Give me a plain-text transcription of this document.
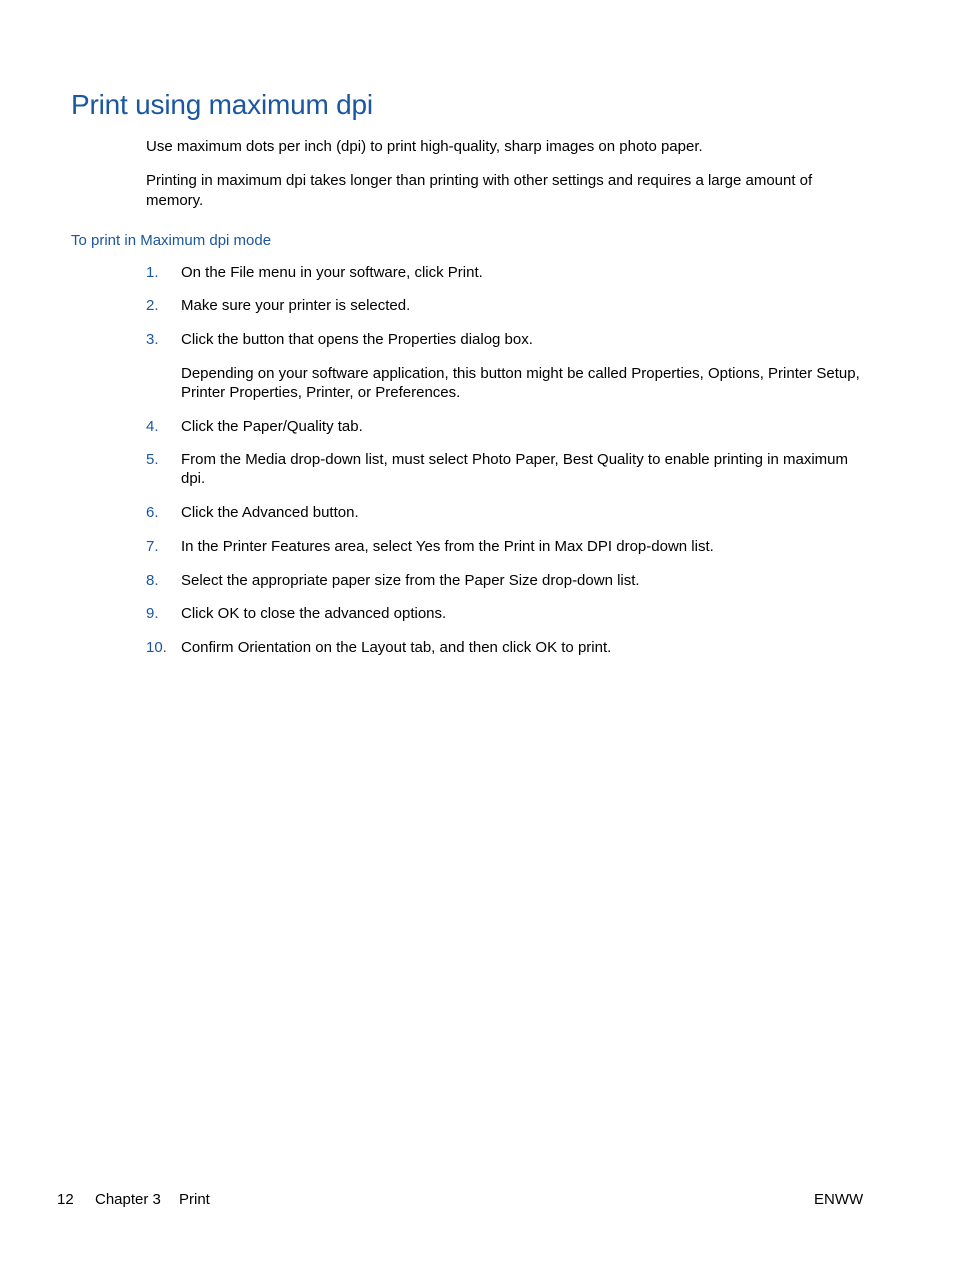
Print using maximum dpi

Use maximum dots per inch (dpi) to print high-quality, sharp images on photo paper.

Printing in maximum dpi takes longer than printing with other settings and requires a large amount of memory.

To print in Maximum dpi mode
1. On the File menu in your software, click Print.
2. Make sure your printer is selected.
3. Click the button that opens the Properties dialog box.
Depending on your software application, this button might be called Properties, Options, Printer Setup, Printer Properties, Printer, or Preferences.
4. Click the Paper/Quality tab.
5. From the Media drop-down list, must select Photo Paper, Best Quality to enable printing in maximum dpi.
6. Click the Advanced button.
7. In the Printer Features area, select Yes from the Print in Max DPI drop-down list.
8. Select the appropriate paper size from the Paper Size drop-down list.
9. Click OK to close the advanced options.
10. Confirm Orientation on the Layout tab, and then click OK to print.
12 Chapter 3 Print	ENWW
